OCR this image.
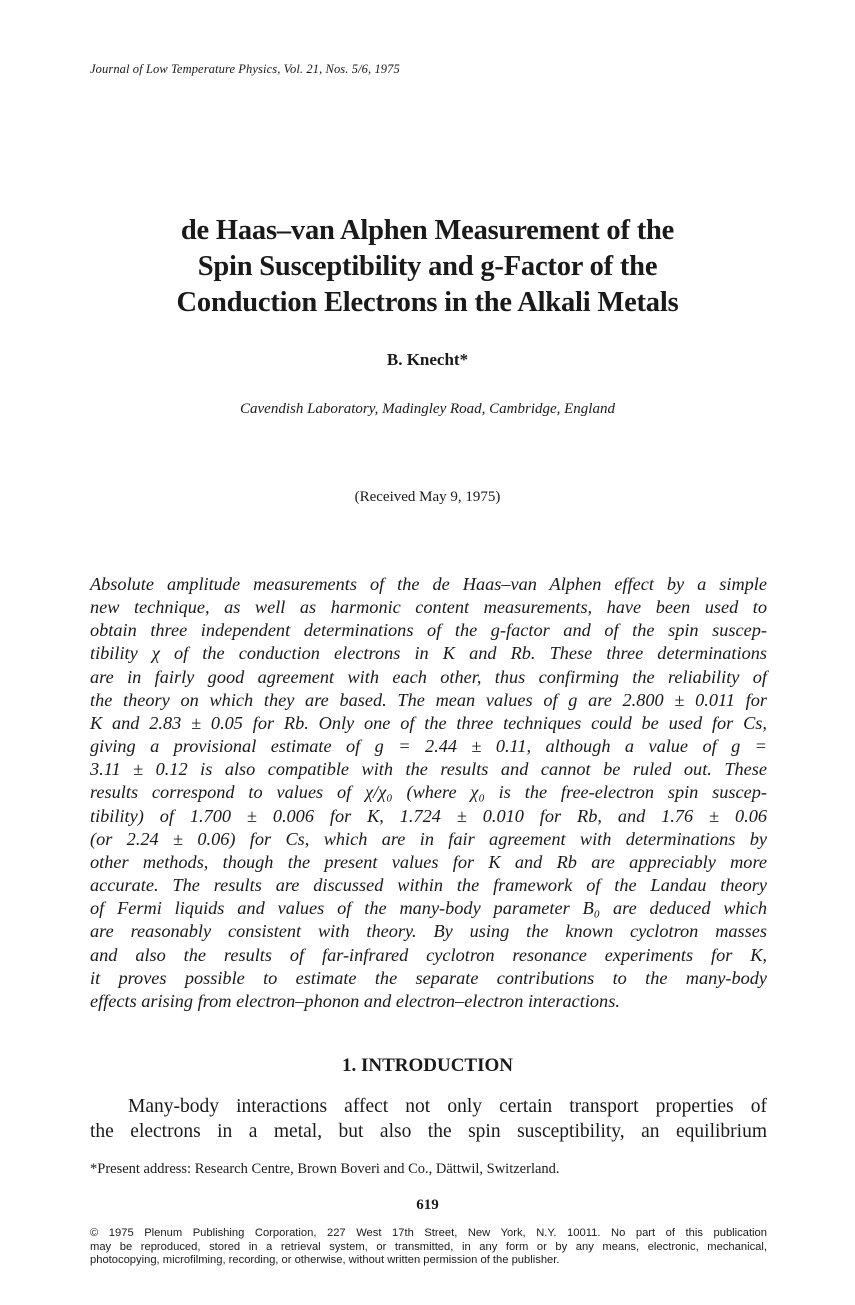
Journal of Low Temperature Physics, Vol. 21, Nos. 5/6, 1975
de Haas–van Alphen Measurement of the
Spin Susceptibility and g-Factor of the
Conduction Electrons in the Alkali Metals
B. Knecht*
Cavendish Laboratory, Madingley Road, Cambridge, England
(Received May 9, 1975)
Absolute amplitude measurements of the de Haas–van Alphen effect by a simple
new technique, as well as harmonic content measurements, have been used to
obtain three independent determinations of the g-factor and of the spin suscep-
tibility χ of the conduction electrons in K and Rb. These three determinations
are in fairly good agreement with each other, thus confirming the reliability of
the theory on which they are based. The mean values of g are 2.800 ± 0.011 for
K and 2.83 ± 0.05 for Rb. Only one of the three techniques could be used for Cs,
giving a provisional estimate of g = 2.44 ± 0.11, although a value of g =
3.11 ± 0.12 is also compatible with the results and cannot be ruled out. These
results correspond to values of χ/χ₀ (where χ₀ is the free-electron spin suscep-
tibility) of 1.700 ± 0.006 for K, 1.724 ± 0.010 for Rb, and 1.76 ± 0.06
(or 2.24 ± 0.06) for Cs, which are in fair agreement with determinations by
other methods, though the present values for K and Rb are appreciably more
accurate. The results are discussed within the framework of the Landau theory
of Fermi liquids and values of the many-body parameter B₀ are deduced which
are reasonably consistent with theory. By using the known cyclotron masses
and also the results of far-infrared cyclotron resonance experiments for K,
it proves possible to estimate the separate contributions to the many-body
effects arising from electron–phonon and electron–electron interactions.
1. INTRODUCTION
Many-body interactions affect not only certain transport properties of
the electrons in a metal, but also the spin susceptibility, an equilibrium
*Present address: Research Centre, Brown Boveri and Co., Dättwil, Switzerland.
619
© 1975 Plenum Publishing Corporation, 227 West 17th Street, New York, N.Y. 10011. No part of this publication
may be reproduced, stored in a retrieval system, or transmitted, in any form or by any means, electronic, mechanical,
photocopying, microfilming, recording, or otherwise, without written permission of the publisher.
